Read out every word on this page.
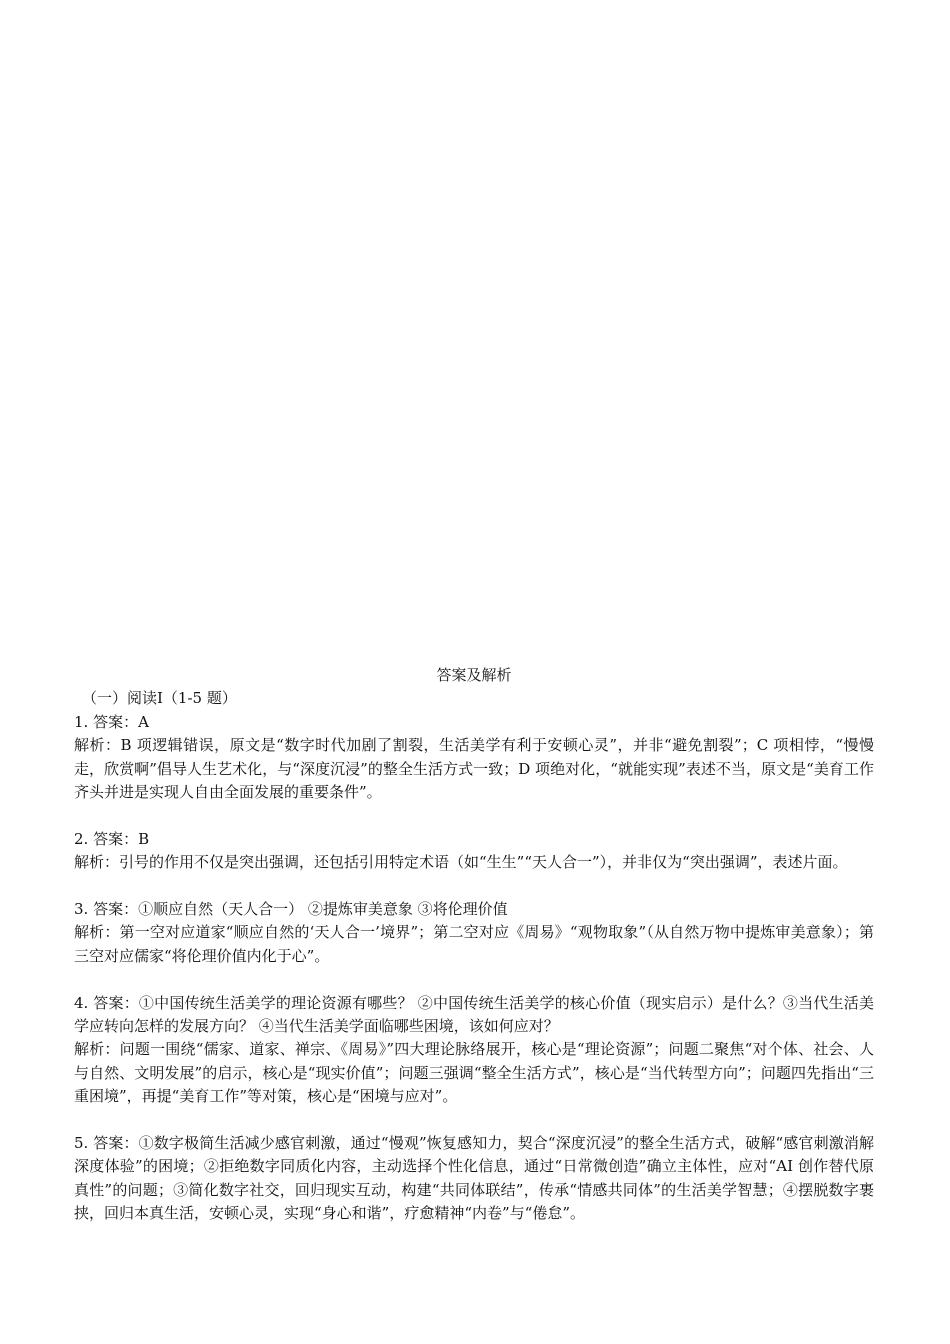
答案及解析
（一）阅读Ⅰ（1-5 题）
1. 答案：A
解析：B 项逻辑错误，原文是“数字时代加剧了割裂，生活美学有利于安顿心灵”，并非“避免割裂”；C 项相悖，“慢慢走，欣赏啊”倡导人生艺术化，与“深度沉浸”的整全生活方式一致；D 项绝对化，“就能实现”表述不当，原文是“美育工作齐头并进是实现人自由全面发展的重要条件”。
2. 答案：B
解析：引号的作用不仅是突出强调，还包括引用特定术语（如“生生”“天人合一”），并非仅为“突出强调”，表述片面。
3. 答案：①顺应自然（天人合一） ②提炼审美意象 ③将伦理价值
解析：第一空对应道家“顺应自然的‘天人合一’境界”；第二空对应《周易》“观物取象”（从自然万物中提炼审美意象）；第三空对应儒家“将伦理价值内化于心”。
4. 答案：①中国传统生活美学的理论资源有哪些？ ②中国传统生活美学的核心价值（现实启示）是什么？③当代生活美学应转向怎样的发展方向？ ④当代生活美学面临哪些困境，该如何应对？
解析：问题一围绕“儒家、道家、禅宗、《周易》”四大理论脉络展开，核心是“理论资源”；问题二聚焦“对个体、社会、人与自然、文明发展”的启示，核心是“现实价值”；问题三强调“整全生活方式”，核心是“当代转型方向”；问题四先指出“三重困境”，再提“美育工作”等对策，核心是“困境与应对”。
5. 答案：①数字极简生活减少感官刺激，通过“慢观”恢复感知力，契合“深度沉浸”的整全生活方式，破解“感官刺激消解深度体验”的困境；②拒绝数字同质化内容，主动选择个性化信息，通过“日常微创造”确立主体性，应对“AI 创作替代原真性”的问题；③简化数字社交，回归现实互动，构建“共同体联结”，传承“情感共同体”的生活美学智慧；④摆脱数字裹挟，回归本真生活，安顿心灵，实现“身心和谐”，疗愈精神“内卷”与“倦怠”。
